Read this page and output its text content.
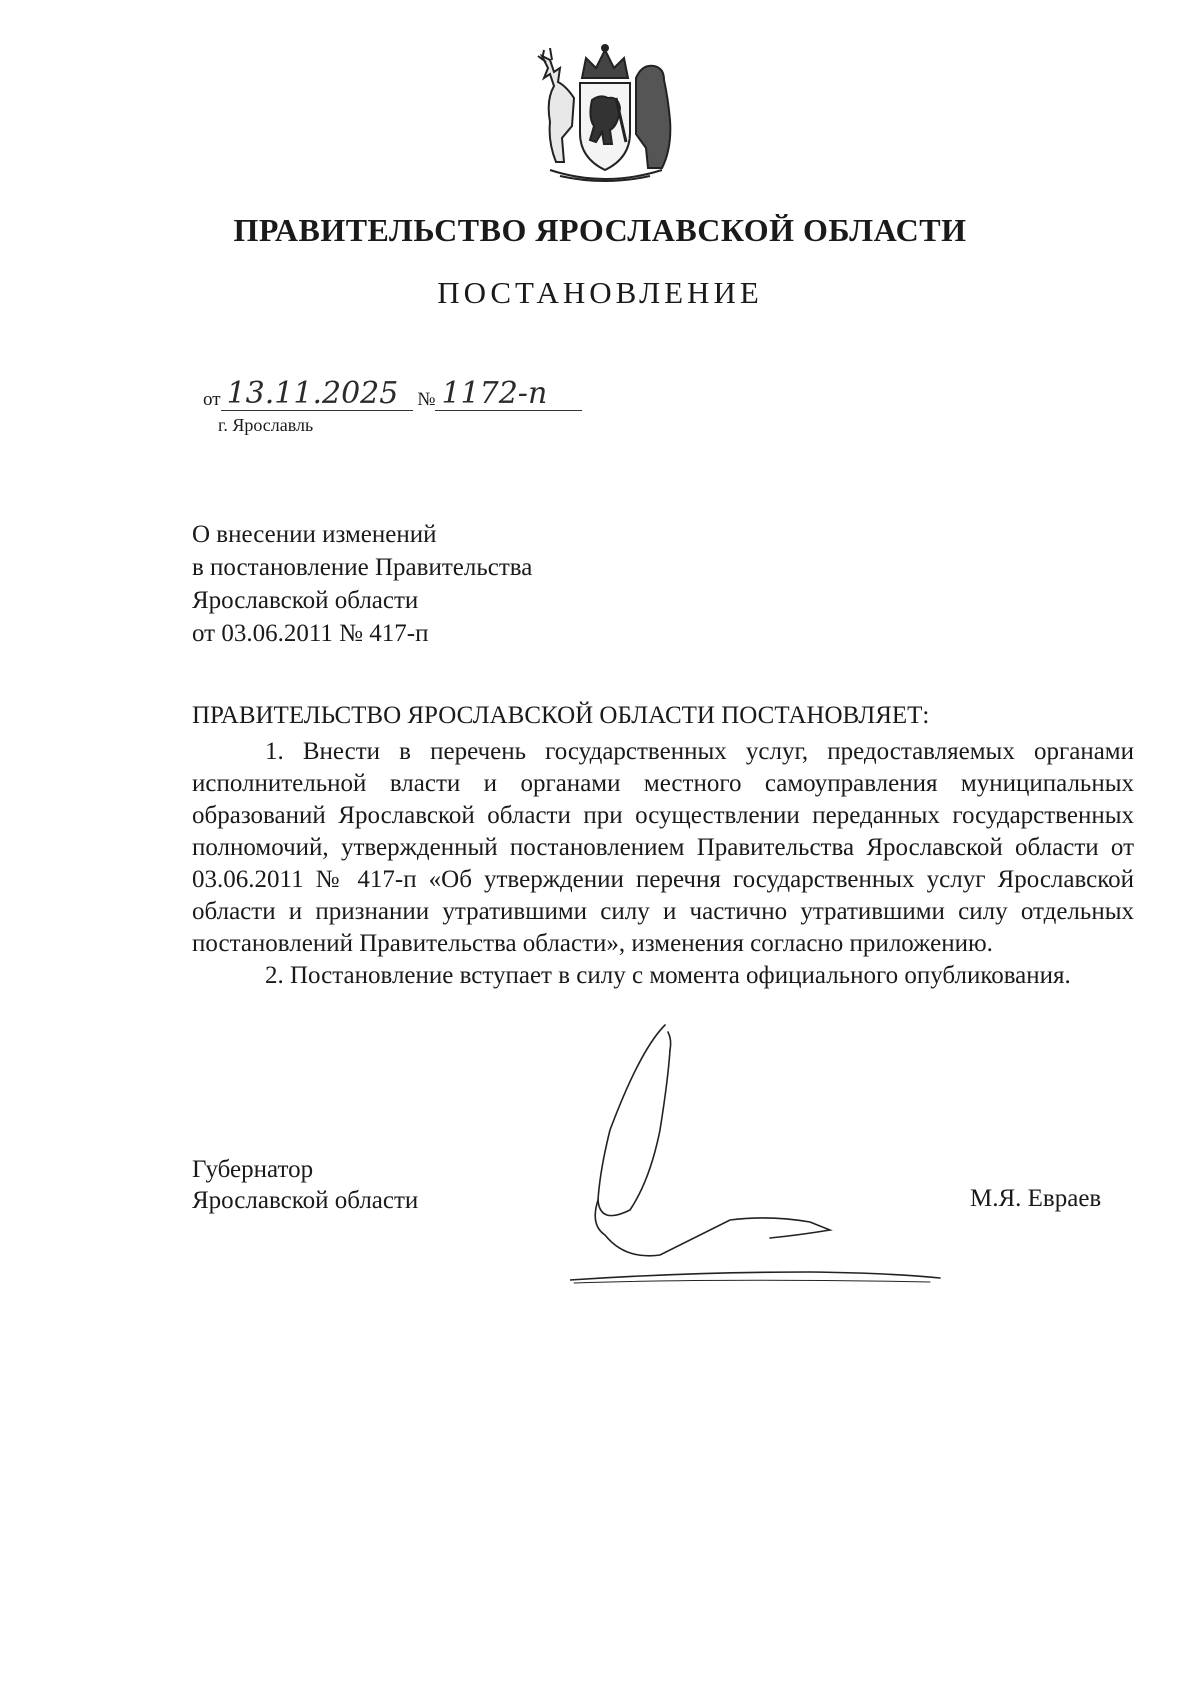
ПРАВИТЕЛЬСТВО ЯРОСЛАВСКОЙ ОБЛАСТИ
ПОСТАНОВЛЕНИЕ
от 13.11.2025 № 1172-п
г. Ярославль
О внесении изменений
в постановление Правительства
Ярославской области
от 03.06.2011 № 417-п
ПРАВИТЕЛЬСТВО ЯРОСЛАВСКОЙ ОБЛАСТИ ПОСТАНОВЛЯЕТ:

1. Внести в перечень государственных услуг, предоставляемых органами исполнительной власти и органами местного самоуправления муниципальных образований Ярославской области при осуществлении переданных государственных полномочий, утвержденный постановлением Правительства Ярославской области от 03.06.2011 № 417-п «Об утверждении перечня государственных услуг Ярославской области и признании утратившими силу и частично утратившими силу отдельных постановлений Правительства области», изменения согласно приложению.

2. Постановление вступает в силу с момента официального опубликования.

Губернатор
Ярославской области	М.Я. Евраев
